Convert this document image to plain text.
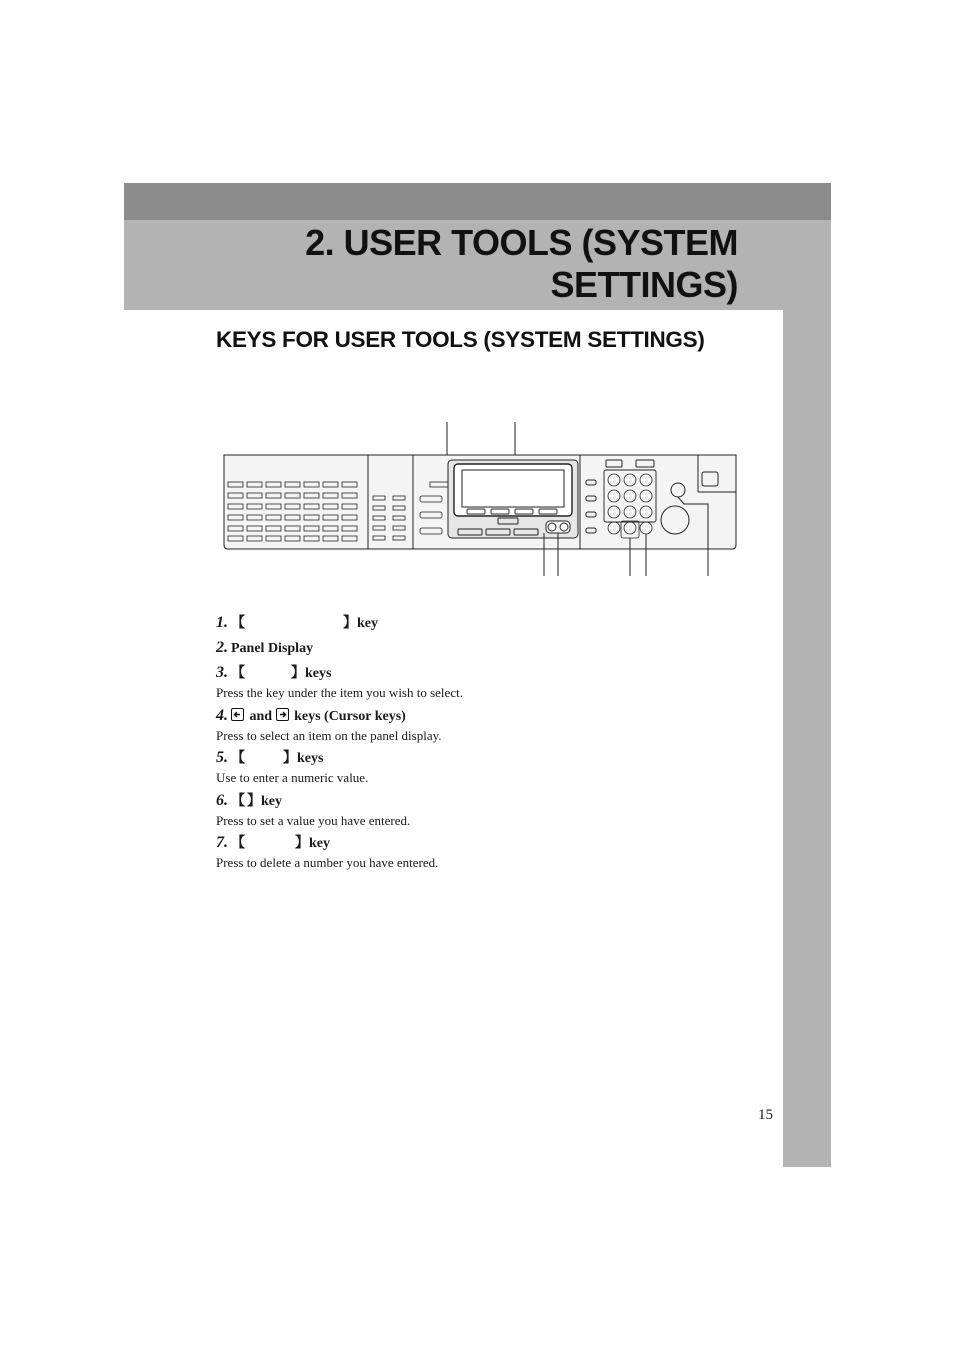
2. USER TOOLS (SYSTEM
SETTINGS)
KEYS FOR USER TOOLS (SYSTEM SETTINGS)
1. 【	】key
2. Panel Display
3. 【	】keys
Press the key under the item you wish to select.
4. and keys (Cursor keys)
Press to select an item on the panel display.
5. 【	】keys
Use to enter a numeric value.
6. 【 】key
Press to set a value you have entered.
7. 【	】key
Press to delete a number you have entered.
15
